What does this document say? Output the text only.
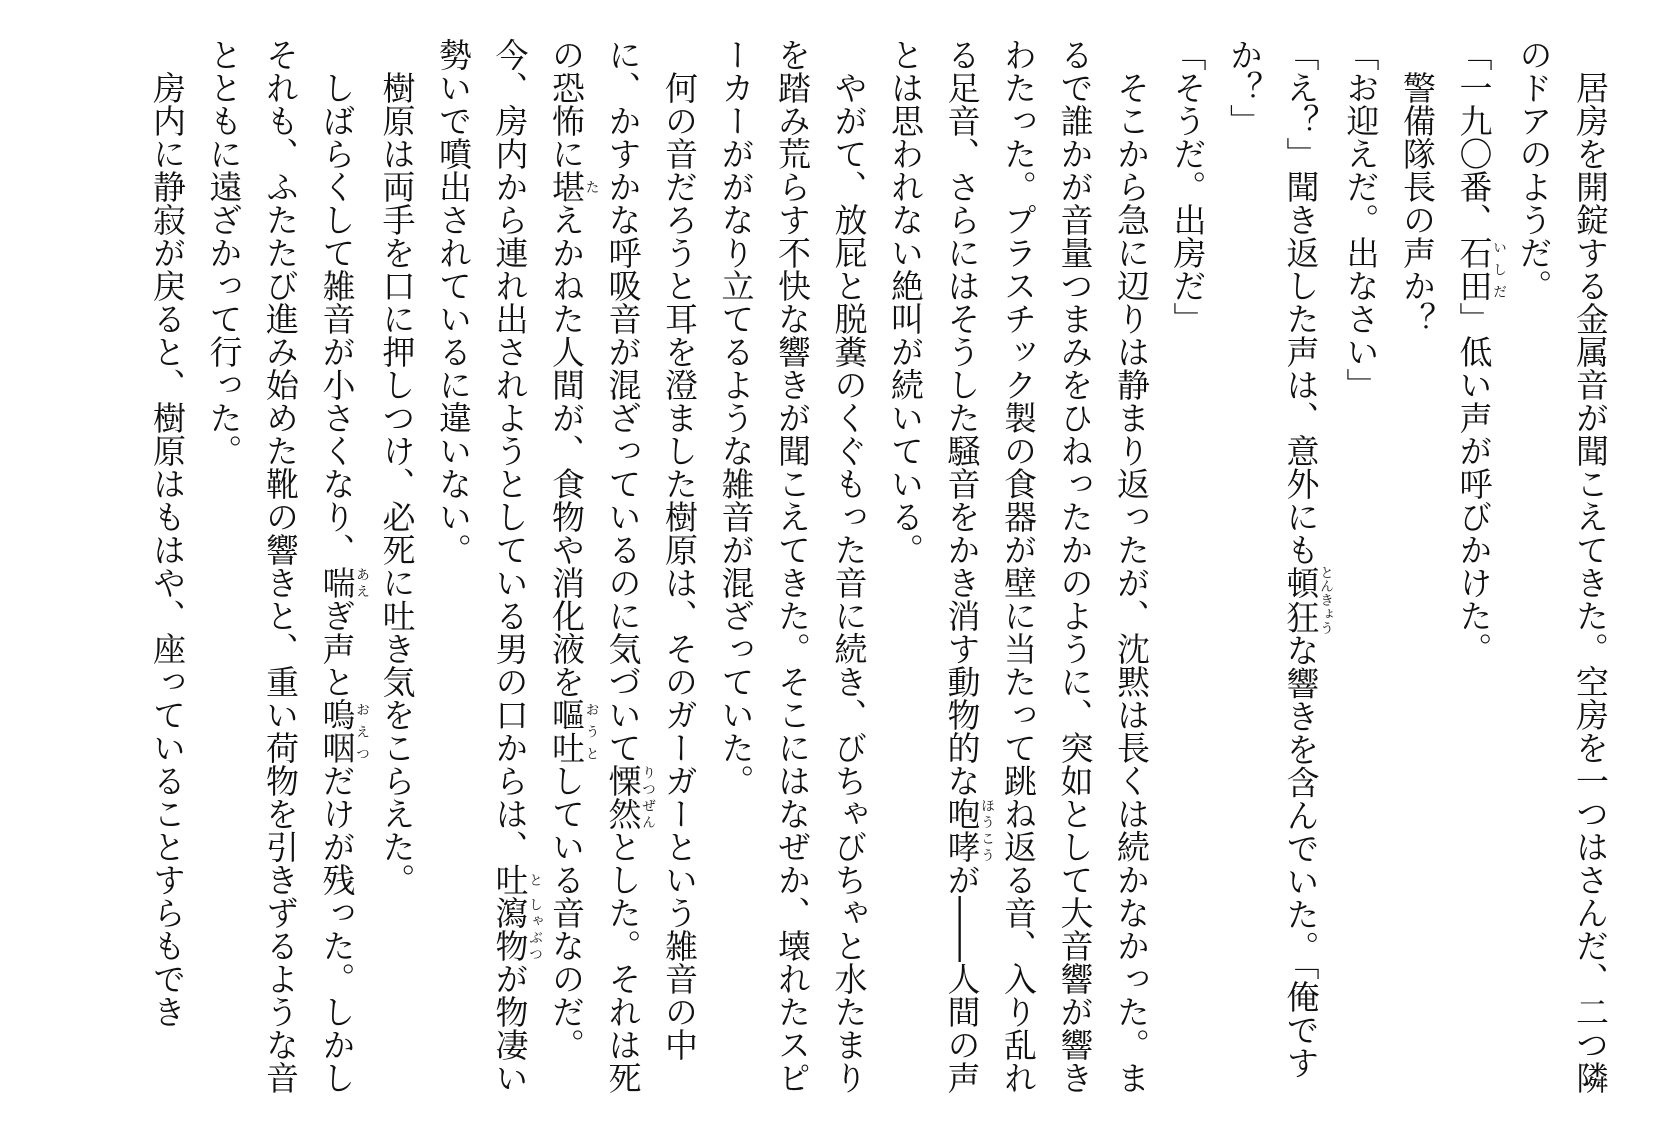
居房を開錠する金属音が聞こえてきた。空房を一つはさんだ、二つ隣のドアのようだ。

「一九〇番、石田いしだ」低い声が呼びかけた。

警備隊長の声か？

「お迎えだ。出なさい」

「え？」聞き返した声は、意外にも頓狂とんきょうな響きを含んでいた。「俺ですか？」

「そうだ。出房だ」

そこから急に辺りは静まり返ったが、沈黙は長くは続かなかった。まるで誰かが音量つまみをひねったかのように、突如として大音響が響きわたった。プラスチック製の食器が壁に当たって跳ね返る音、入り乱れる足音、さらにはそうした騒音をかき消す動物的な咆哮ほうこうが――人間の声とは思われない絶叫が続いている。

やがて、放屁と脱糞のくぐもった音に続き、びちゃびちゃと水たまりを踏み荒らす不快な響きが聞こえてきた。そこにはなぜか、壊れたスピーカーががなり立てるような雑音が混ざっていた。

何の音だろうと耳を澄ました樹原は、そのガーガーという雑音の中に、かすかな呼吸音が混ざっているのに気づいて慄然りつぜんとした。それは死の恐怖に堪たえかねた人間が、食物や消化液を嘔吐おうとしている音なのだ。今、房内から連れ出されようとしている男の口からは、吐と瀉物しゃぶつが物凄い勢いで噴出されているに違いない。

樹原は両手を口に押しつけ、必死に吐き気をこらえた。

しばらくして雑音が小さくなり、喘あえぎ声と嗚咽おえつだけが残った。しかしそれも、ふたたび進み始めた靴の響きと、重い荷物を引きずるような音とともに遠ざかって行った。

房内に静寂が戻ると、樹原はもはや、座っていることすらもでき
